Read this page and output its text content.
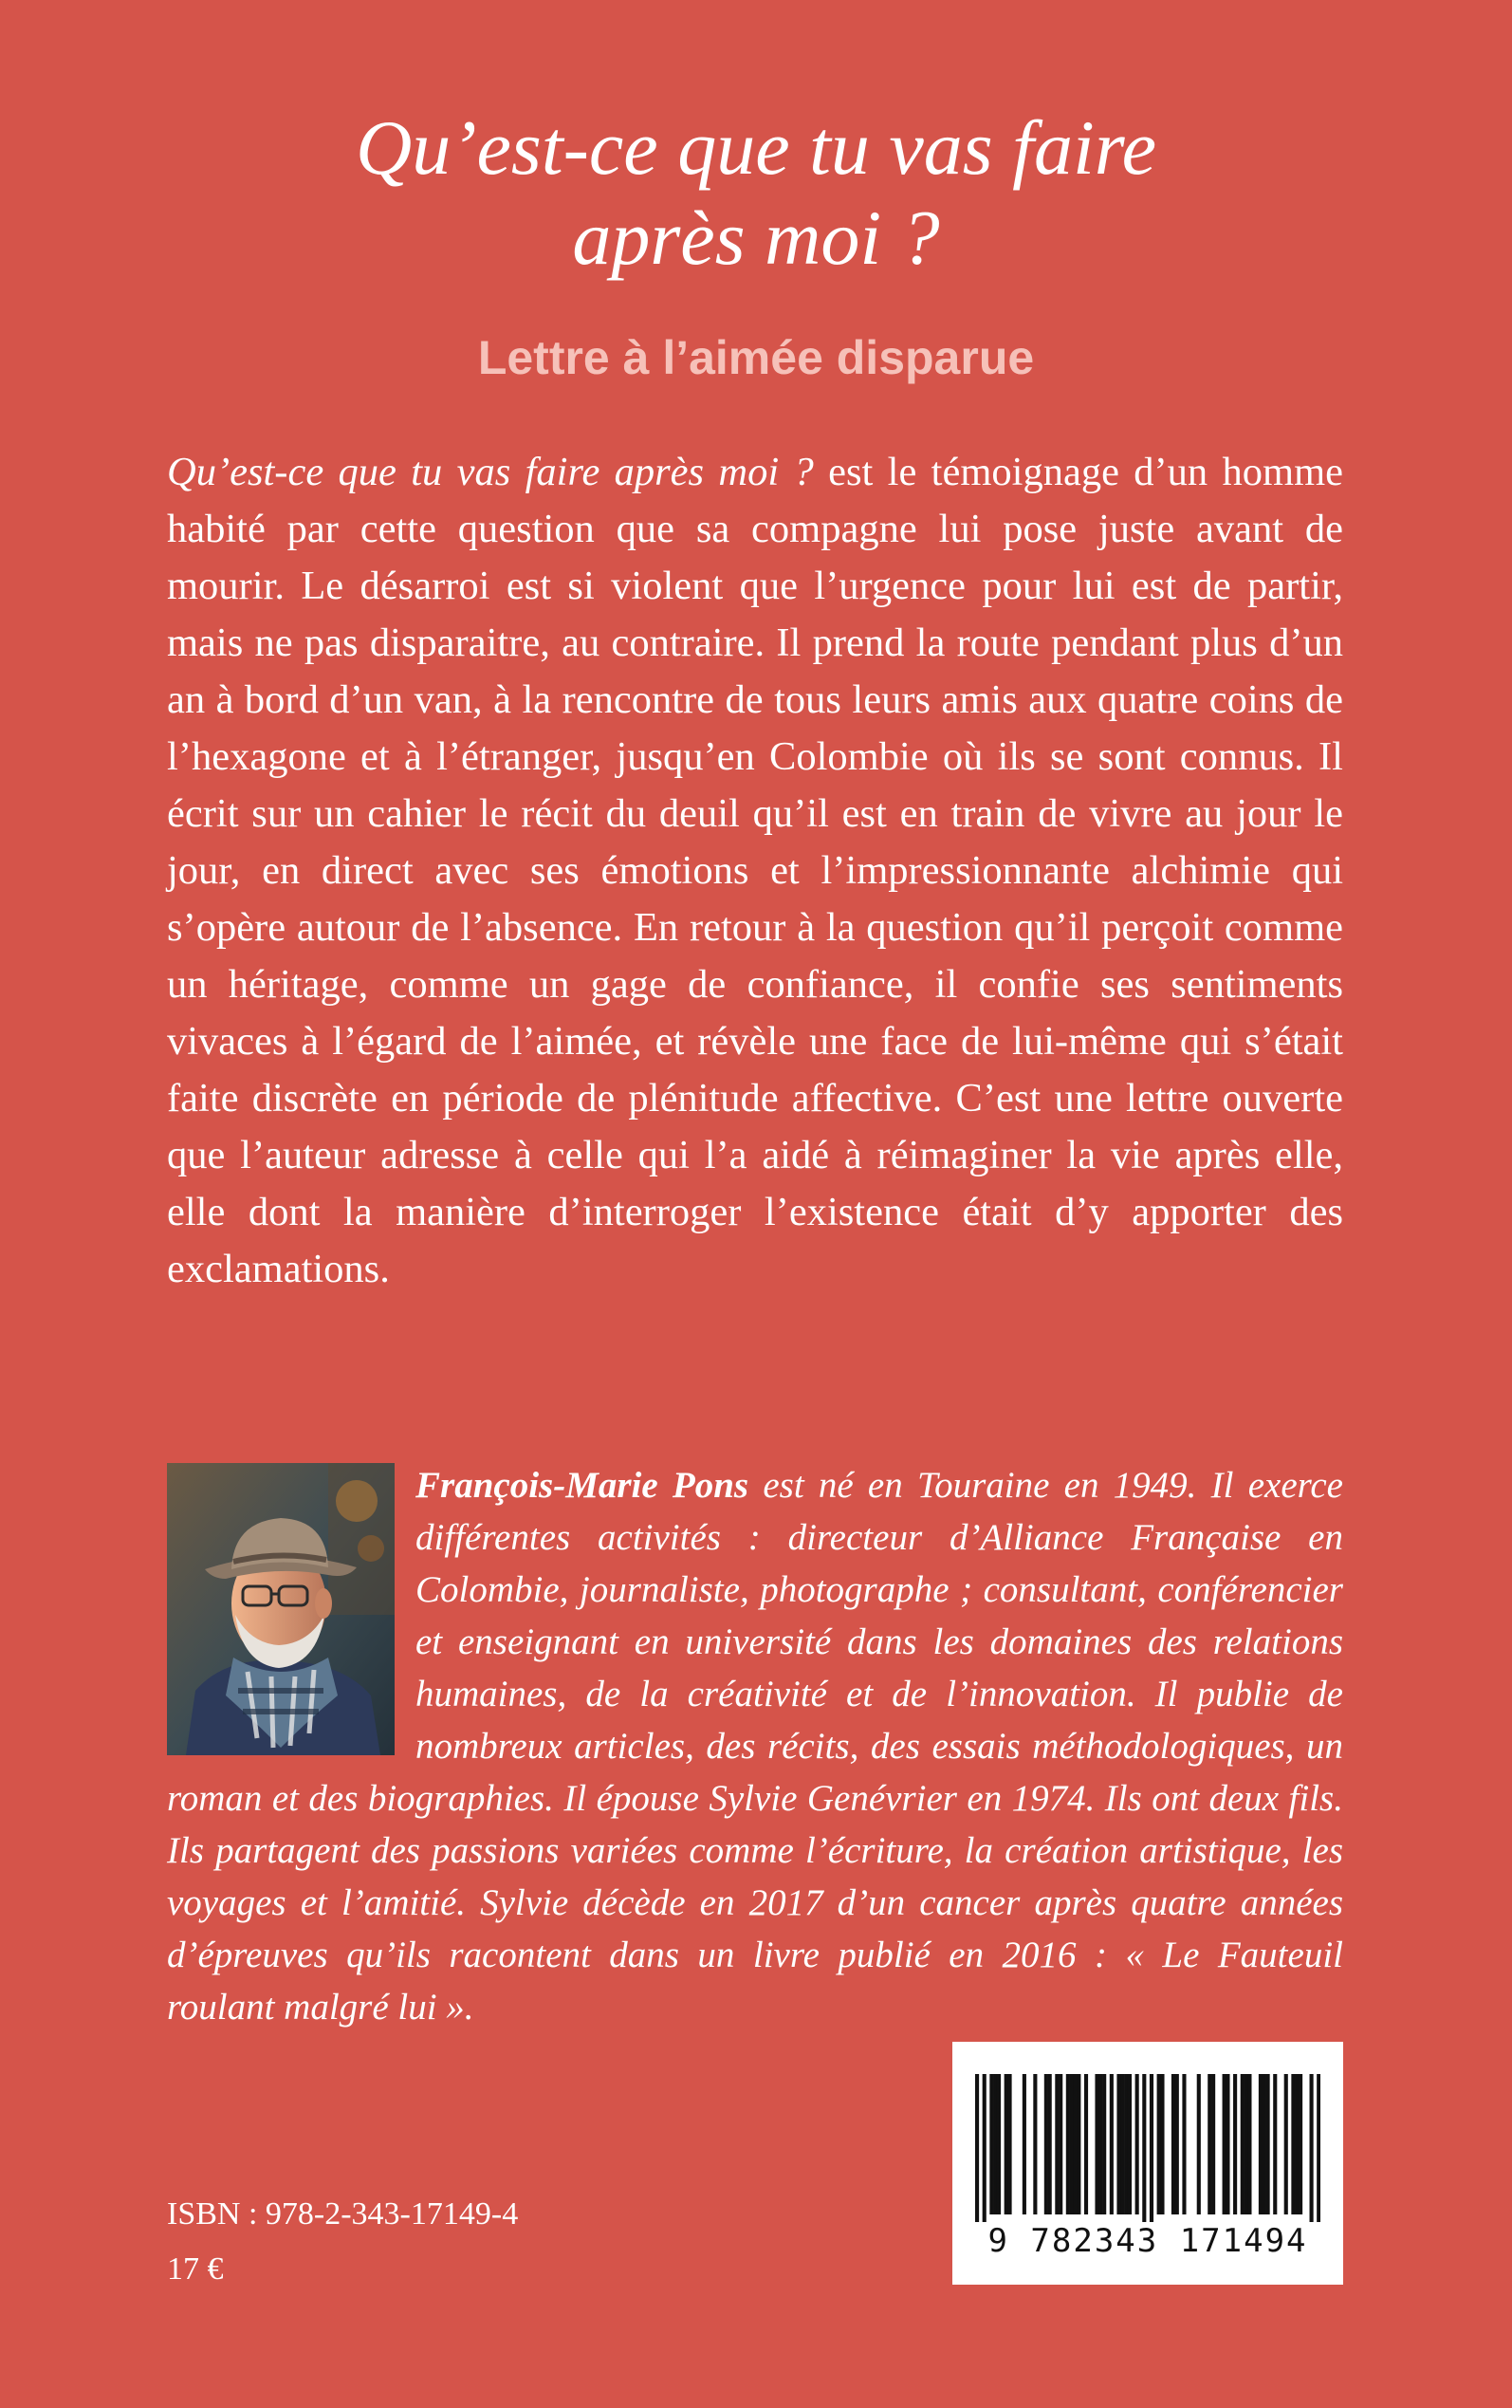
Qu’est-ce que tu vas faire
après moi ?
Lettre à l’aimée disparue

Qu’est-ce que tu vas faire après moi ? est le témoignage d’un homme habité par cette question que sa compagne lui pose juste avant de mourir. Le désarroi est si violent que l’urgence pour lui est de partir, mais ne pas disparaitre, au contraire. Il prend la route pendant plus d’un an à bord d’un van, à la rencontre de tous leurs amis aux quatre coins de l’hexagone et à l’étranger, jusqu’en Colombie où ils se sont connus. Il écrit sur un cahier le récit du deuil qu’il est en train de vivre au jour le jour, en direct avec ses émotions et l’impressionnante alchimie qui s’opère autour de l’absence. En retour à la question qu’il perçoit comme un héritage, comme un gage de confiance, il confie ses sentiments vivaces à l’égard de l’aimée, et révèle une face de lui-même qui s’était faite discrète en période de plénitude affective. C’est une lettre ouverte que l’auteur adresse à celle qui l’a aidé à réimaginer la vie après elle, elle dont la manière d’interroger l’existence était d’y apporter des exclamations.

François-Marie Pons est né en Touraine en 1949. Il exerce différentes activités : directeur d’Alliance Française en Colombie, journaliste, photographe ; consultant, conférencier et enseignant en université dans les domaines des relations humaines, de la créativité et de l’innovation. Il publie de nombreux articles, des récits, des essais méthodologiques, un roman et des biographies. Il épouse Sylvie Genévrier en 1974. Ils ont deux fils. Ils partagent des passions variées comme l’écriture, la création artistique, les voyages et l’amitié. Sylvie décède en 2017 d’un cancer après quatre années d’épreuves qu’ils racontent dans un livre publié en 2016 : « Le Fauteuil roulant malgré lui ».

9 782343 171494
ISBN : 978-2-343-17149-4
17 €
